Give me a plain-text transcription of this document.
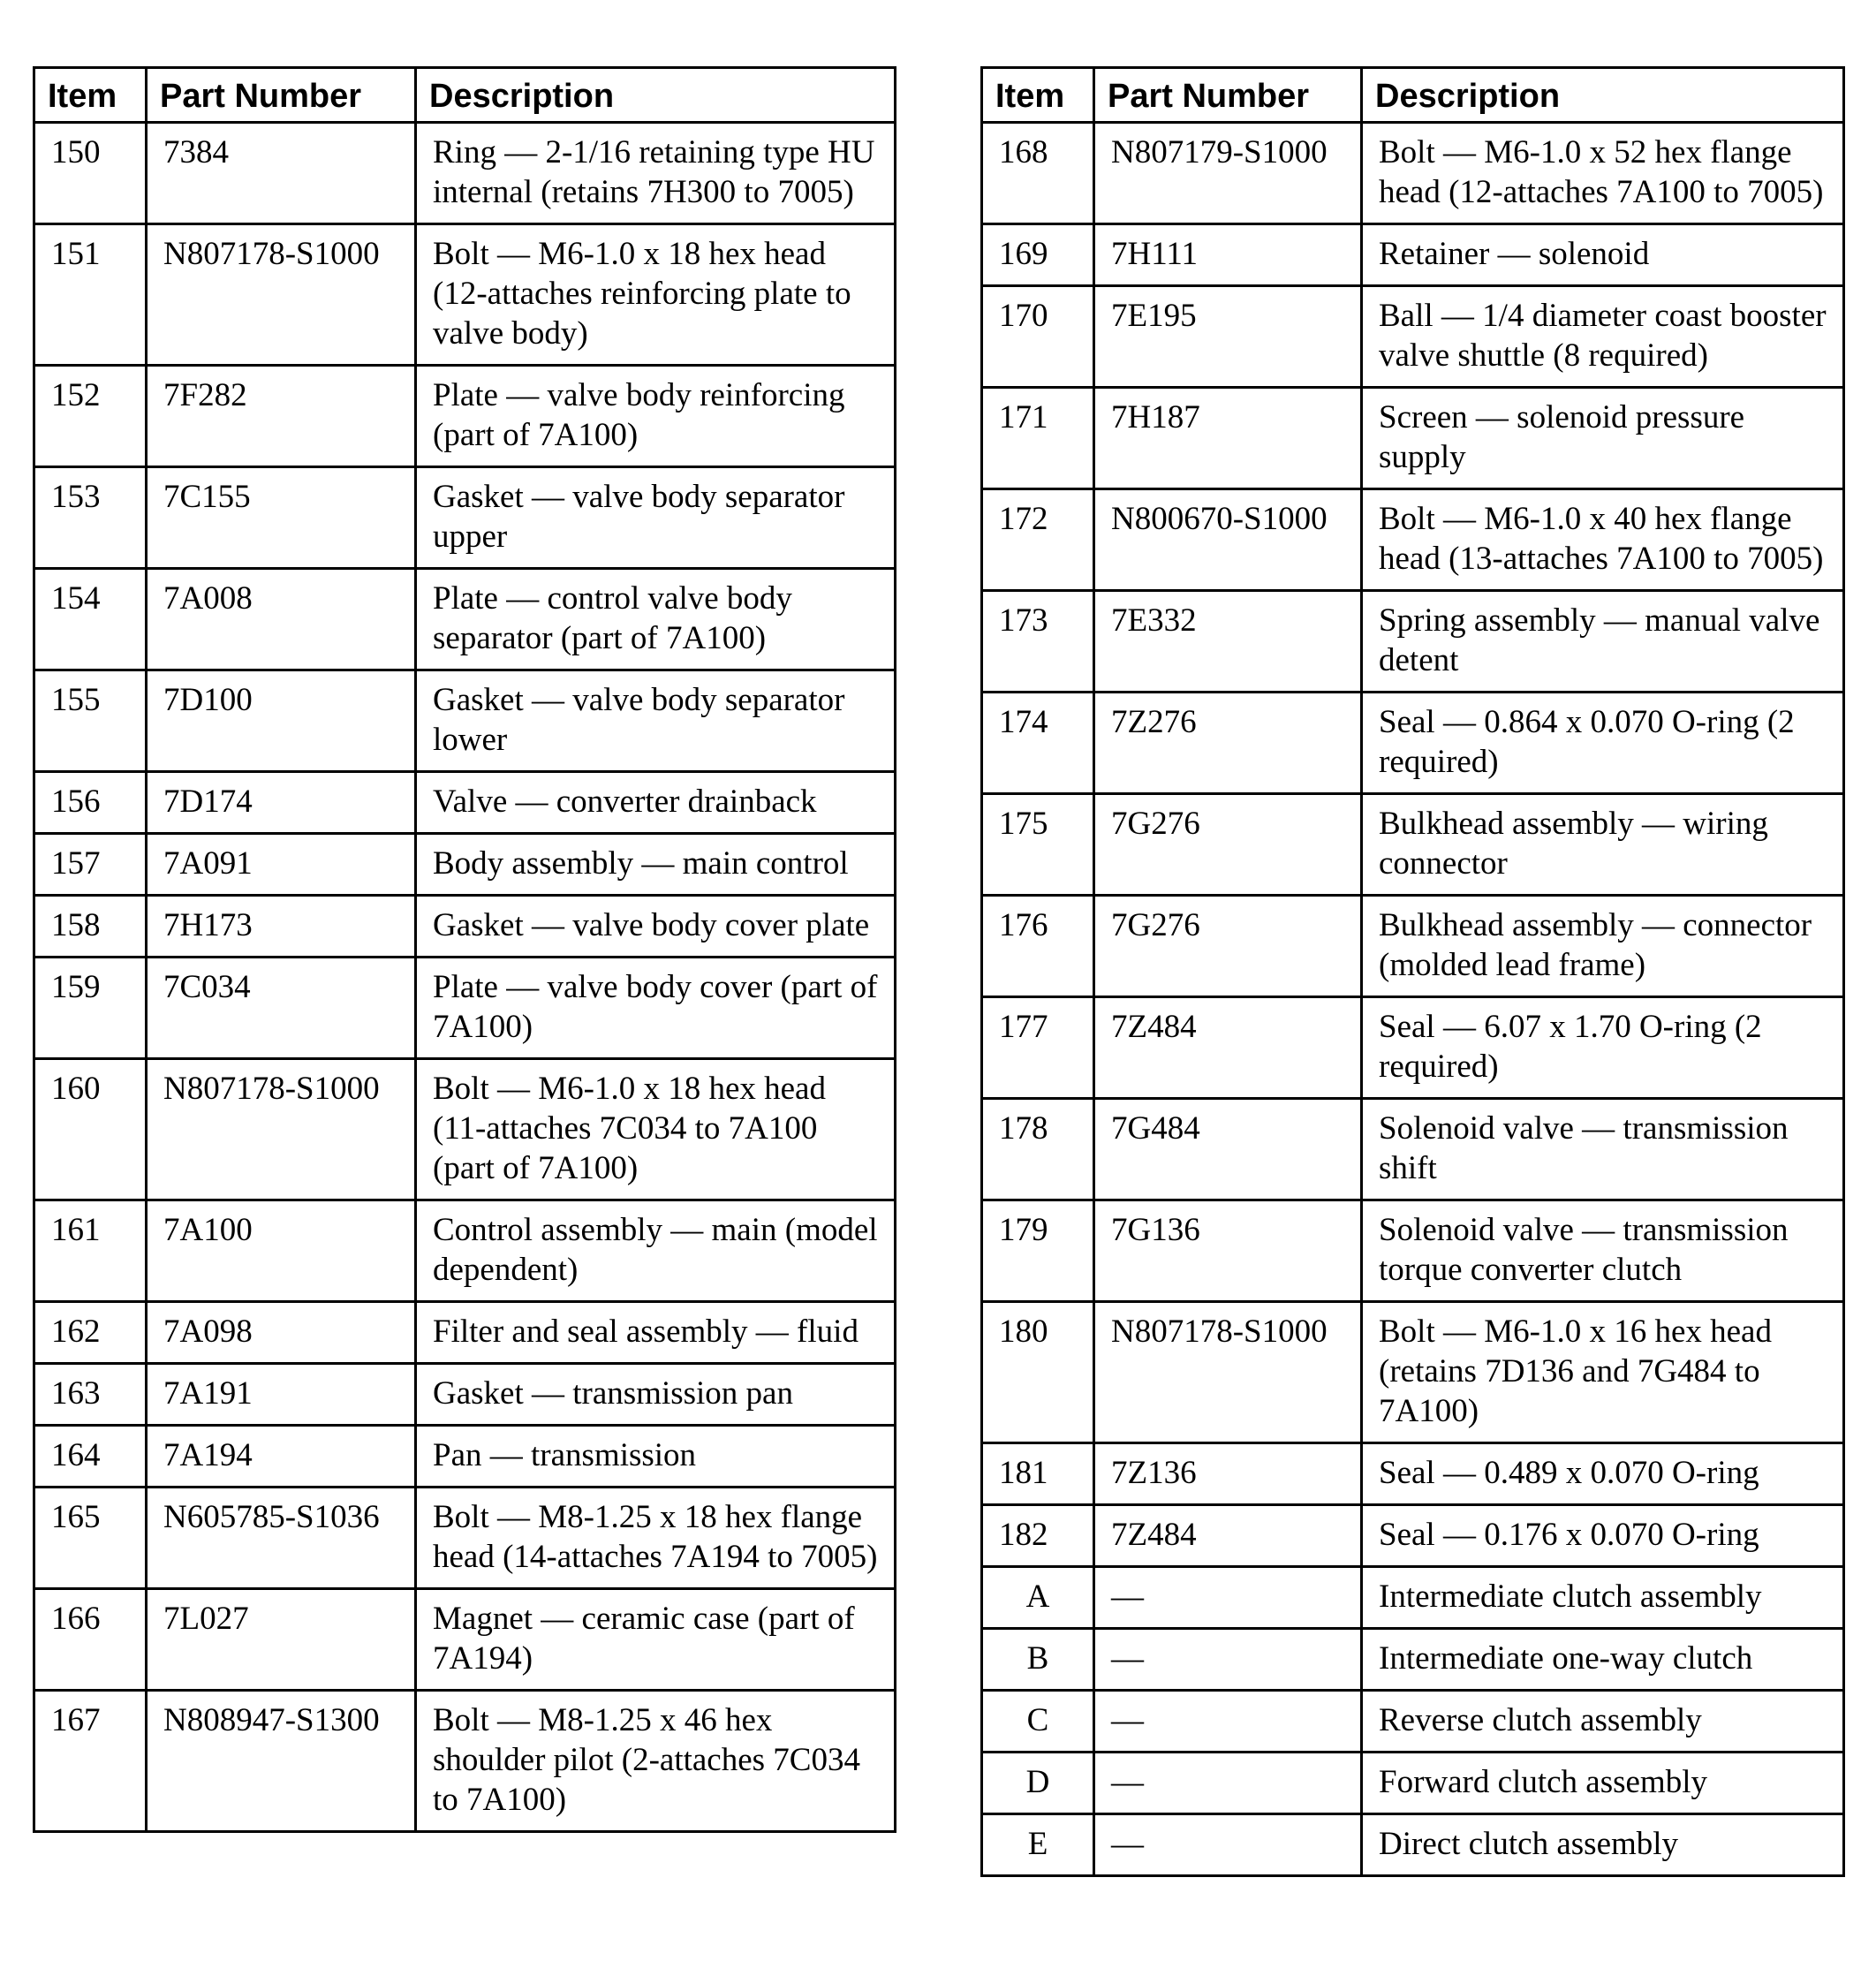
Item	Part Number	Description
150	7384	Ring — 2-1/16 retaining type HU internal (retains 7H300 to 7005)
151	N807178-S1000	Bolt — M6-1.0 x 18 hex head (12-attaches reinforcing plate to valve body)
152	7F282	Plate — valve body reinforcing (part of 7A100)
153	7C155	Gasket — valve body separator upper
154	7A008	Plate — control valve body separator (part of 7A100)
155	7D100	Gasket — valve body separator lower
156	7D174	Valve — converter drainback
157	7A091	Body assembly — main control
158	7H173	Gasket — valve body cover plate
159	7C034	Plate — valve body cover (part of 7A100)
160	N807178-S1000	Bolt — M6-1.0 x 18 hex head (11-attaches 7C034 to 7A100 (part of 7A100)
161	7A100	Control assembly — main (model dependent)
162	7A098	Filter and seal assembly — fluid
163	7A191	Gasket — transmission pan
164	7A194	Pan — transmission
165	N605785-S1036	Bolt — M8-1.25 x 18 hex flange head (14-attaches 7A194 to 7005)
166	7L027	Magnet — ceramic case (part of 7A194)
167	N808947-S1300	Bolt — M8-1.25 x 46 hex shoulder pilot (2-attaches 7C034 to 7A100)
Item	Part Number	Description
168	N807179-S1000	Bolt — M6-1.0 x 52 hex flange head (12-attaches 7A100 to 7005)
169	7H111	Retainer — solenoid
170	7E195	Ball — 1/4 diameter coast booster valve shuttle (8 required)
171	7H187	Screen — solenoid pressure supply
172	N800670-S1000	Bolt — M6-1.0 x 40 hex flange head (13-attaches 7A100 to 7005)
173	7E332	Spring assembly — manual valve detent
174	7Z276	Seal — 0.864 x 0.070 O-ring (2 required)
175	7G276	Bulkhead assembly — wiring connector
176	7G276	Bulkhead assembly — connector (molded lead frame)
177	7Z484	Seal — 6.07 x 1.70 O-ring (2 required)
178	7G484	Solenoid valve — transmission shift
179	7G136	Solenoid valve — transmission torque converter clutch
180	N807178-S1000	Bolt — M6-1.0 x 16 hex head (retains 7D136 and 7G484 to 7A100)
181	7Z136	Seal — 0.489 x 0.070 O-ring
182	7Z484	Seal — 0.176 x 0.070 O-ring
A	—	Intermediate clutch assembly
B	—	Intermediate one-way clutch
C	—	Reverse clutch assembly
D	—	Forward clutch assembly
E	—	Direct clutch assembly
